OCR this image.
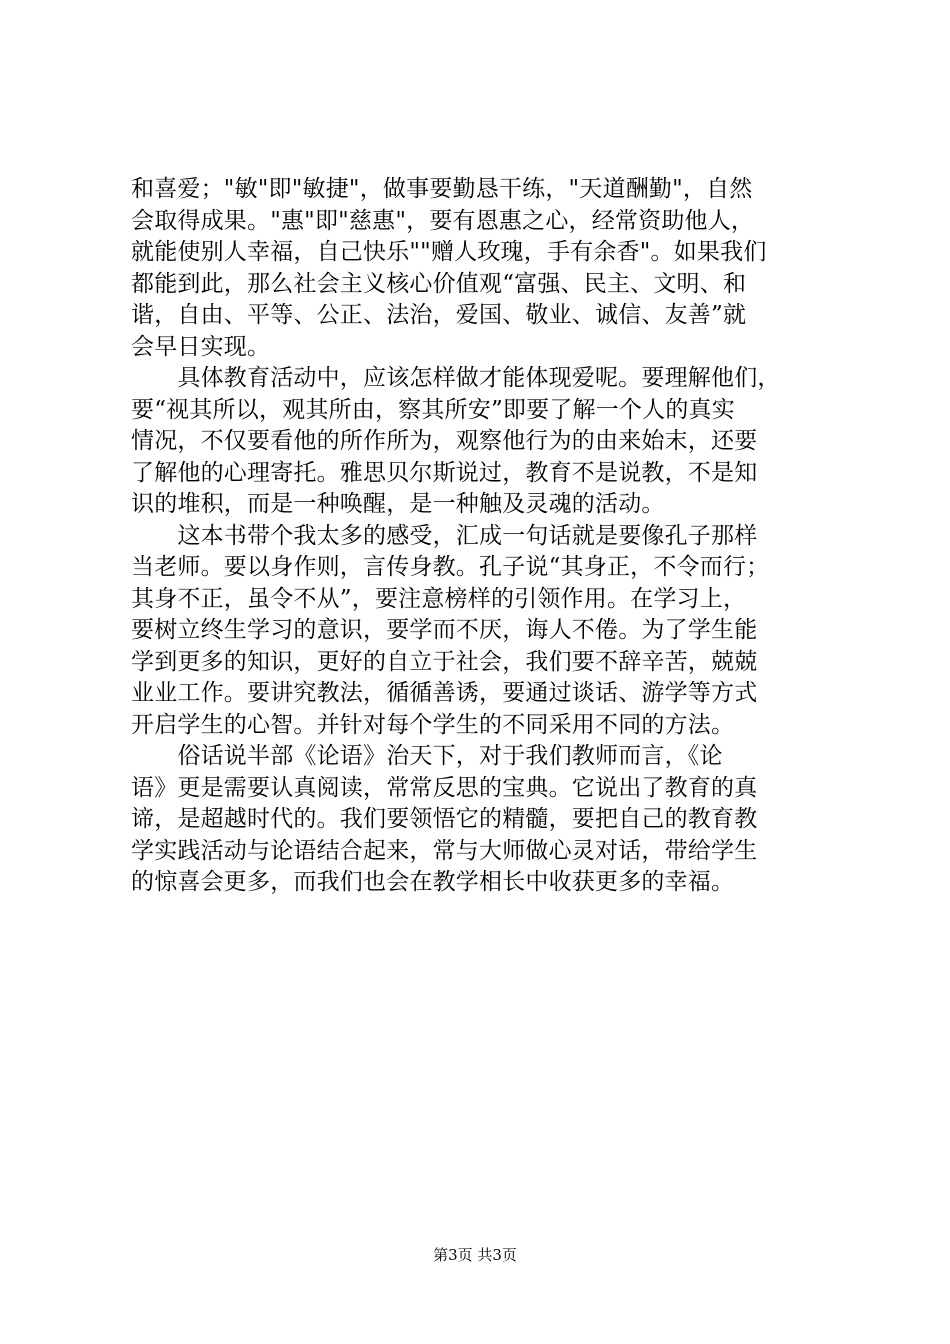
和喜爱；"敏"即"敏捷"，做事要勤恳干练，"天道酬勤"，自然
会取得成果。"惠"即"慈惠"，要有恩惠之心，经常资助他人，
就能使别人幸福，自己快乐""赠人玫瑰，手有余香"。如果我们
都能到此，那么社会主义核心价值观“富强、民主、文明、和
谐，自由、平等、公正、法治，爱国、敬业、诚信、友善”就
会早日实现。
　　具体教育活动中，应该怎样做才能体现爱呢。要理解他们，
要“视其所以，观其所由，察其所安”即要了解一个人的真实
情况，不仅要看他的所作所为，观察他行为的由来始末，还要
了解他的心理寄托。雅思贝尔斯说过，教育不是说教，不是知
识的堆积，而是一种唤醒，是一种触及灵魂的活动。
　　这本书带个我太多的感受，汇成一句话就是要像孔子那样
当老师。要以身作则，言传身教。孔子说“其身正，不令而行；
其身不正，虽令不从”，要注意榜样的引领作用。在学习上，
要树立终生学习的意识，要学而不厌，诲人不倦。为了学生能
学到更多的知识，更好的自立于社会，我们要不辞辛苦，兢兢
业业工作。要讲究教法，循循善诱，要通过谈话、游学等方式
开启学生的心智。并针对每个学生的不同采用不同的方法。
　　俗话说半部《论语》治天下，对于我们教师而言，《论
语》更是需要认真阅读，常常反思的宝典。它说出了教育的真
谛，是超越时代的。我们要领悟它的精髓，要把自己的教育教
学实践活动与论语结合起来，常与大师做心灵对话，带给学生
的惊喜会更多，而我们也会在教学相长中收获更多的幸福。
第3页 共3页
